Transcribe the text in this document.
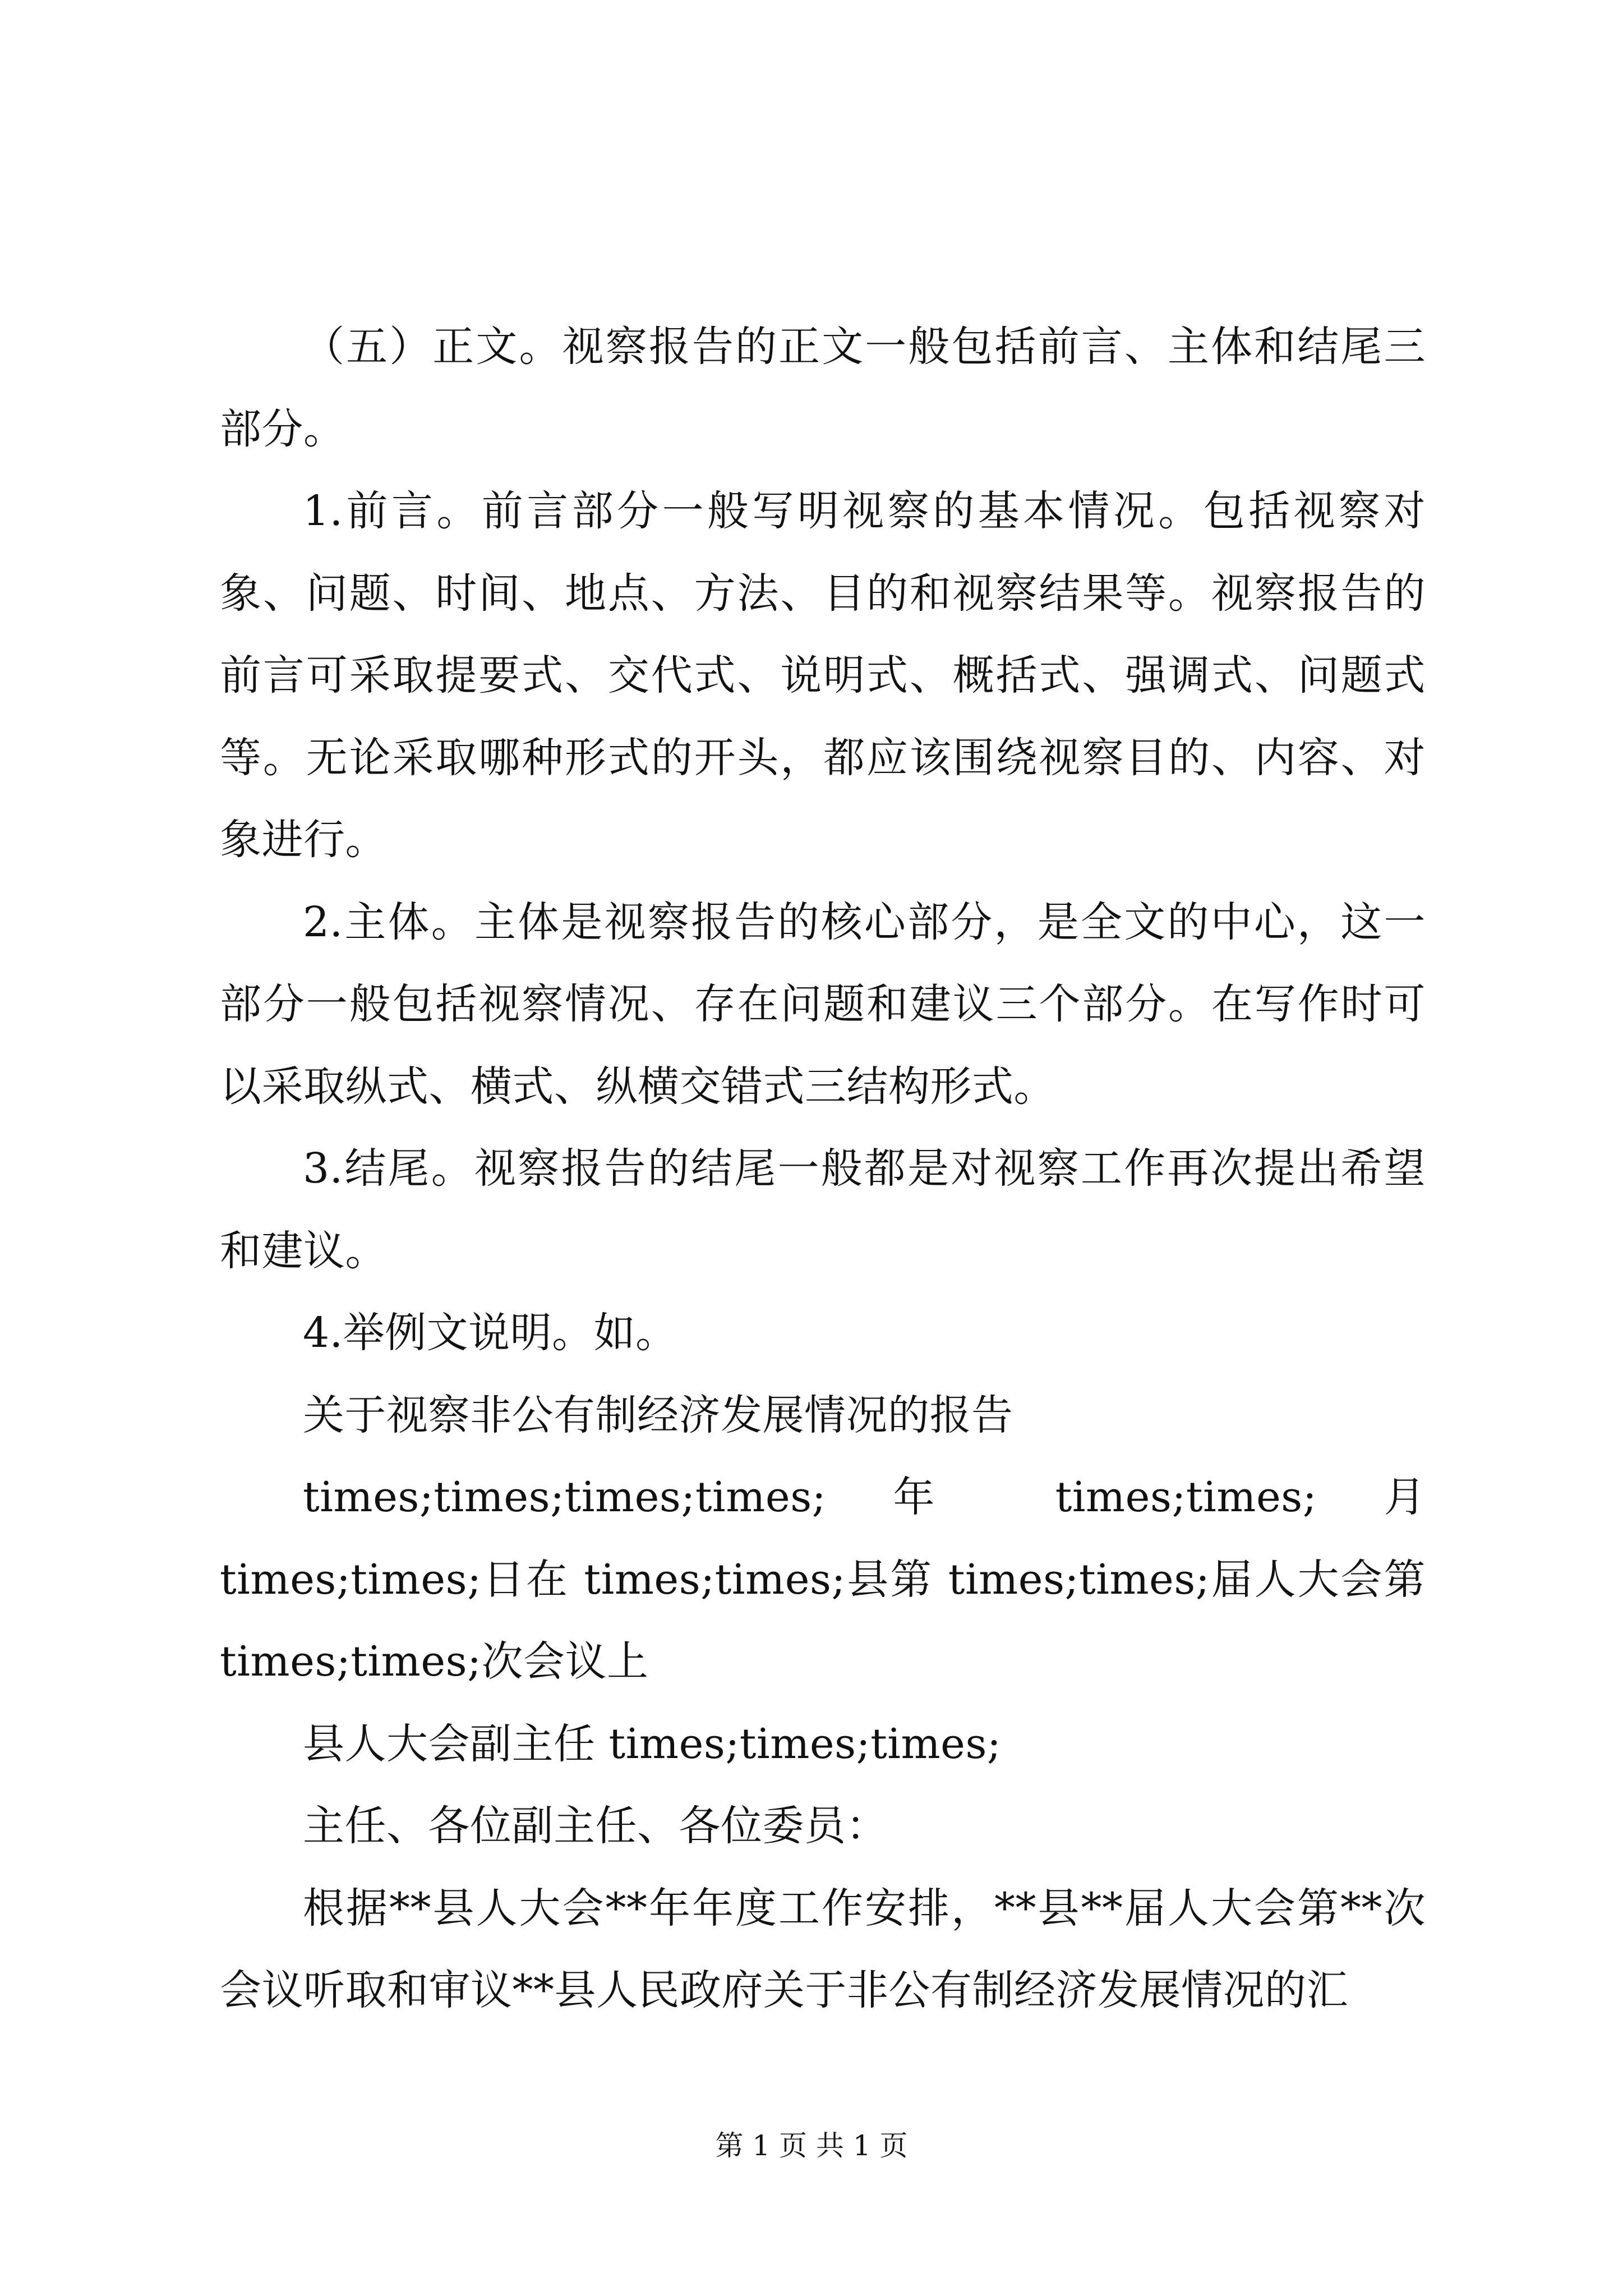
（五）正文。视察报告的正文一般包括前言、主体和结尾三部分。

1.前言。前言部分一般写明视察的基本情况。包括视察对象、问题、时间、地点、方法、目的和视察结果等。视察报告的前言可采取提要式、交代式、说明式、概括式、强调式、问题式等。无论采取哪种形式的开头，都应该围绕视察目的、内容、对象进行。

2.主体。主体是视察报告的核心部分，是全文的中心，这一部分一般包括视察情况、存在问题和建议三个部分。在写作时可以采取纵式、横式、纵横交错式三结构形式。

3.结尾。视察报告的结尾一般都是对视察工作再次提出希望和建议。

4.举例文说明。如。

关于视察非公有制经济发展情况的报告

times;times;times;times; 年 times;times; 月 times;times;日在 times;times;县第 times;times;届人大会第 times;times;次会议上

县人大会副主任 times;times;times;

主任、各位副主任、各位委员：

根据**县人大会**年年度工作安排，**县**届人大会第**次会议听取和审议**县人民政府关于非公有制经济发展情况的汇

第 1 页 共 1 页
